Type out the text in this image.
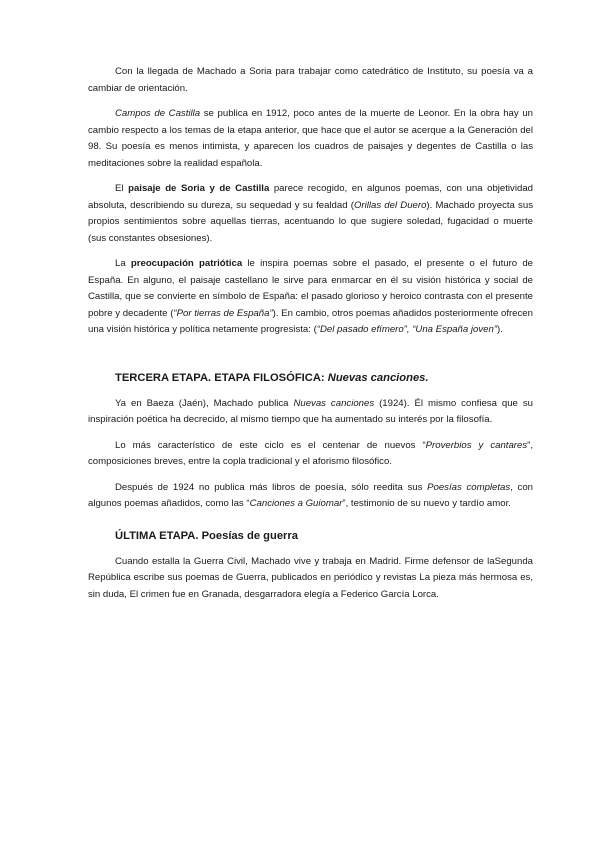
Con la llegada de Machado a Soria para trabajar como catedrático de Instituto, su poesía va a cambiar de orientación.

Campos de Castilla se publica en 1912, poco antes de la muerte de Leonor. En la obra hay un cambio respecto a los temas de la etapa anterior, que hace que el autor se acerque a la Generación del 98. Su poesía es menos intimista, y aparecen los cuadros de paisajes y degentes de Castilla o las meditaciones sobre la realidad española.

El paisaje de Soria y de Castilla parece recogido, en algunos poemas, con una objetividad absoluta, describiendo su dureza, su sequedad y su fealdad (Orillas del Duero). Machado proyecta sus propios sentimientos sobre aquellas tierras, acentuando lo que sugiere soledad, fugacidad o muerte (sus constantes obsesiones).

La preocupación patriótica le inspira poemas sobre el pasado, el presente o el futuro de España. En alguno, el paisaje castellano le sirve para enmarcar en él su visión histórica y social de Castilla, que se convierte en símbolo de España: el pasado glorioso y heroico contrasta con el presente pobre y decadente (“Por tierras de España”). En cambio, otros poemas añadidos posteriormente ofrecen una visión histórica y política netamente progresista: (“Del pasado efímero”, “Una España joven”).

TERCERA ETAPA. ETAPA FILOSÓFICA: Nuevas canciones.

Ya en Baeza (Jaén), Machado publica Nuevas canciones (1924). Él mismo confiesa que su inspiración poética ha decrecido, al mismo tiempo que ha aumentado su interés por la filosofía.

Lo más característico de este ciclo es el centenar de nuevos “Proverbios y cantares”, composiciones breves, entre la copla tradicional y el aforismo filosófico.

Después de 1924 no publica más libros de poesía, sólo reedita sus Poesías completas, con algunos poemas añadidos, como las “Canciones a Guiomar”, testimonio de su nuevo y tardío amor.

ÚLTIMA ETAPA. Poesías de guerra

Cuando estalla la Guerra Civil, Machado vive y trabaja en Madrid. Firme defensor de laSegunda República escribe sus poemas de Guerra, publicados en periódico y revistas La pieza más hermosa es, sin duda, El crimen fue en Granada, desgarradora elegía a Federico García Lorca.
